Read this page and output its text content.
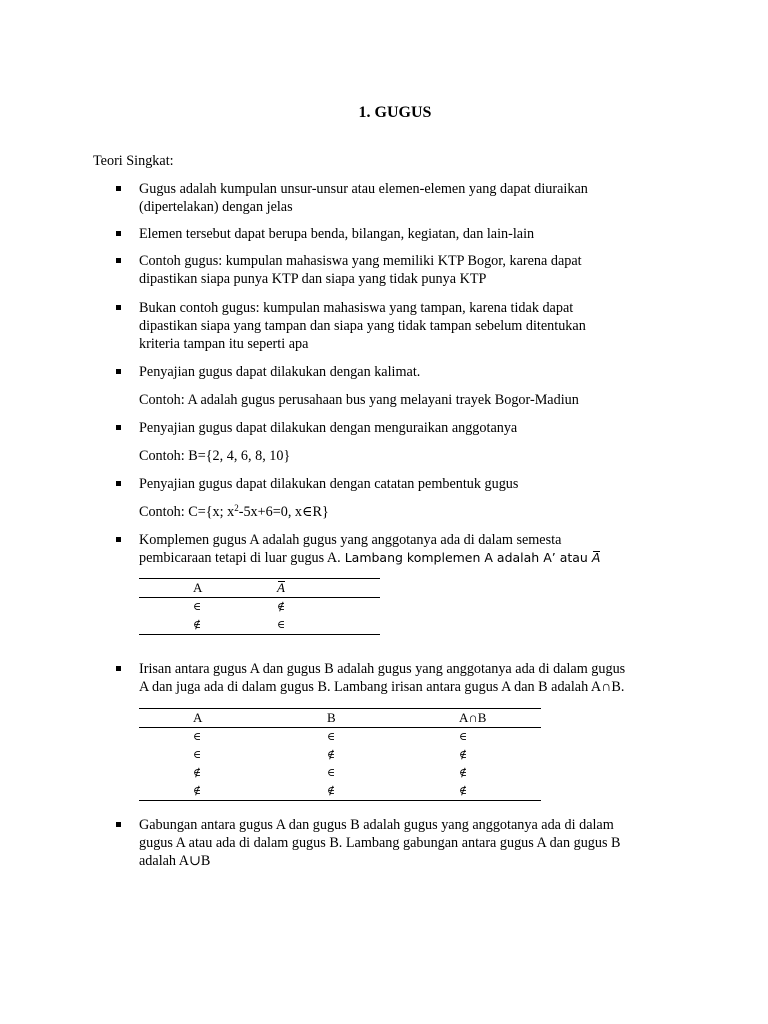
1. GUGUS
Teori Singkat:
Gugus adalah kumpulan unsur-unsur atau elemen-elemen yang dapat diuraikan
(dipertelakan) dengan jelas
Elemen tersebut dapat berupa benda, bilangan, kegiatan, dan lain-lain
Contoh gugus: kumpulan mahasiswa yang memiliki KTP Bogor, karena dapat
dipastikan siapa punya KTP dan siapa yang tidak punya KTP
Bukan contoh gugus: kumpulan mahasiswa yang tampan, karena tidak dapat
dipastikan siapa yang tampan dan siapa yang tidak tampan sebelum ditentukan
kriteria tampan itu seperti apa
Penyajian gugus dapat dilakukan dengan kalimat.
Contoh: A adalah gugus perusahaan bus yang melayani trayek Bogor-Madiun
Penyajian gugus dapat dilakukan dengan menguraikan anggotanya
Contoh: B={2, 4, 6, 8, 10}
Penyajian gugus dapat dilakukan dengan catatan pembentuk gugus
Contoh: C={x; $x^2-5x+6=0$, x∈R}
Komplemen gugus A adalah gugus yang anggotanya ada di dalam semesta
pembicaraan tetapi di luar gugus A. Lambang komplemen A adalah A’ atau A
A	A
∈	∉
∉	∈
Irisan antara gugus A dan gugus B adalah gugus yang anggotanya ada di dalam gugus
A dan juga ada di dalam gugus B. Lambang irisan antara gugus A dan B adalah A∩B.
A	B	A∩B
∈	∈	∈
∈	∉	∉
∉	∈	∉
∉	∉	∉
Gabungan antara gugus A dan gugus B adalah gugus yang anggotanya ada di dalam
gugus A atau ada di dalam gugus B. Lambang gabungan antara gugus A dan gugus B
adalah A∪B
